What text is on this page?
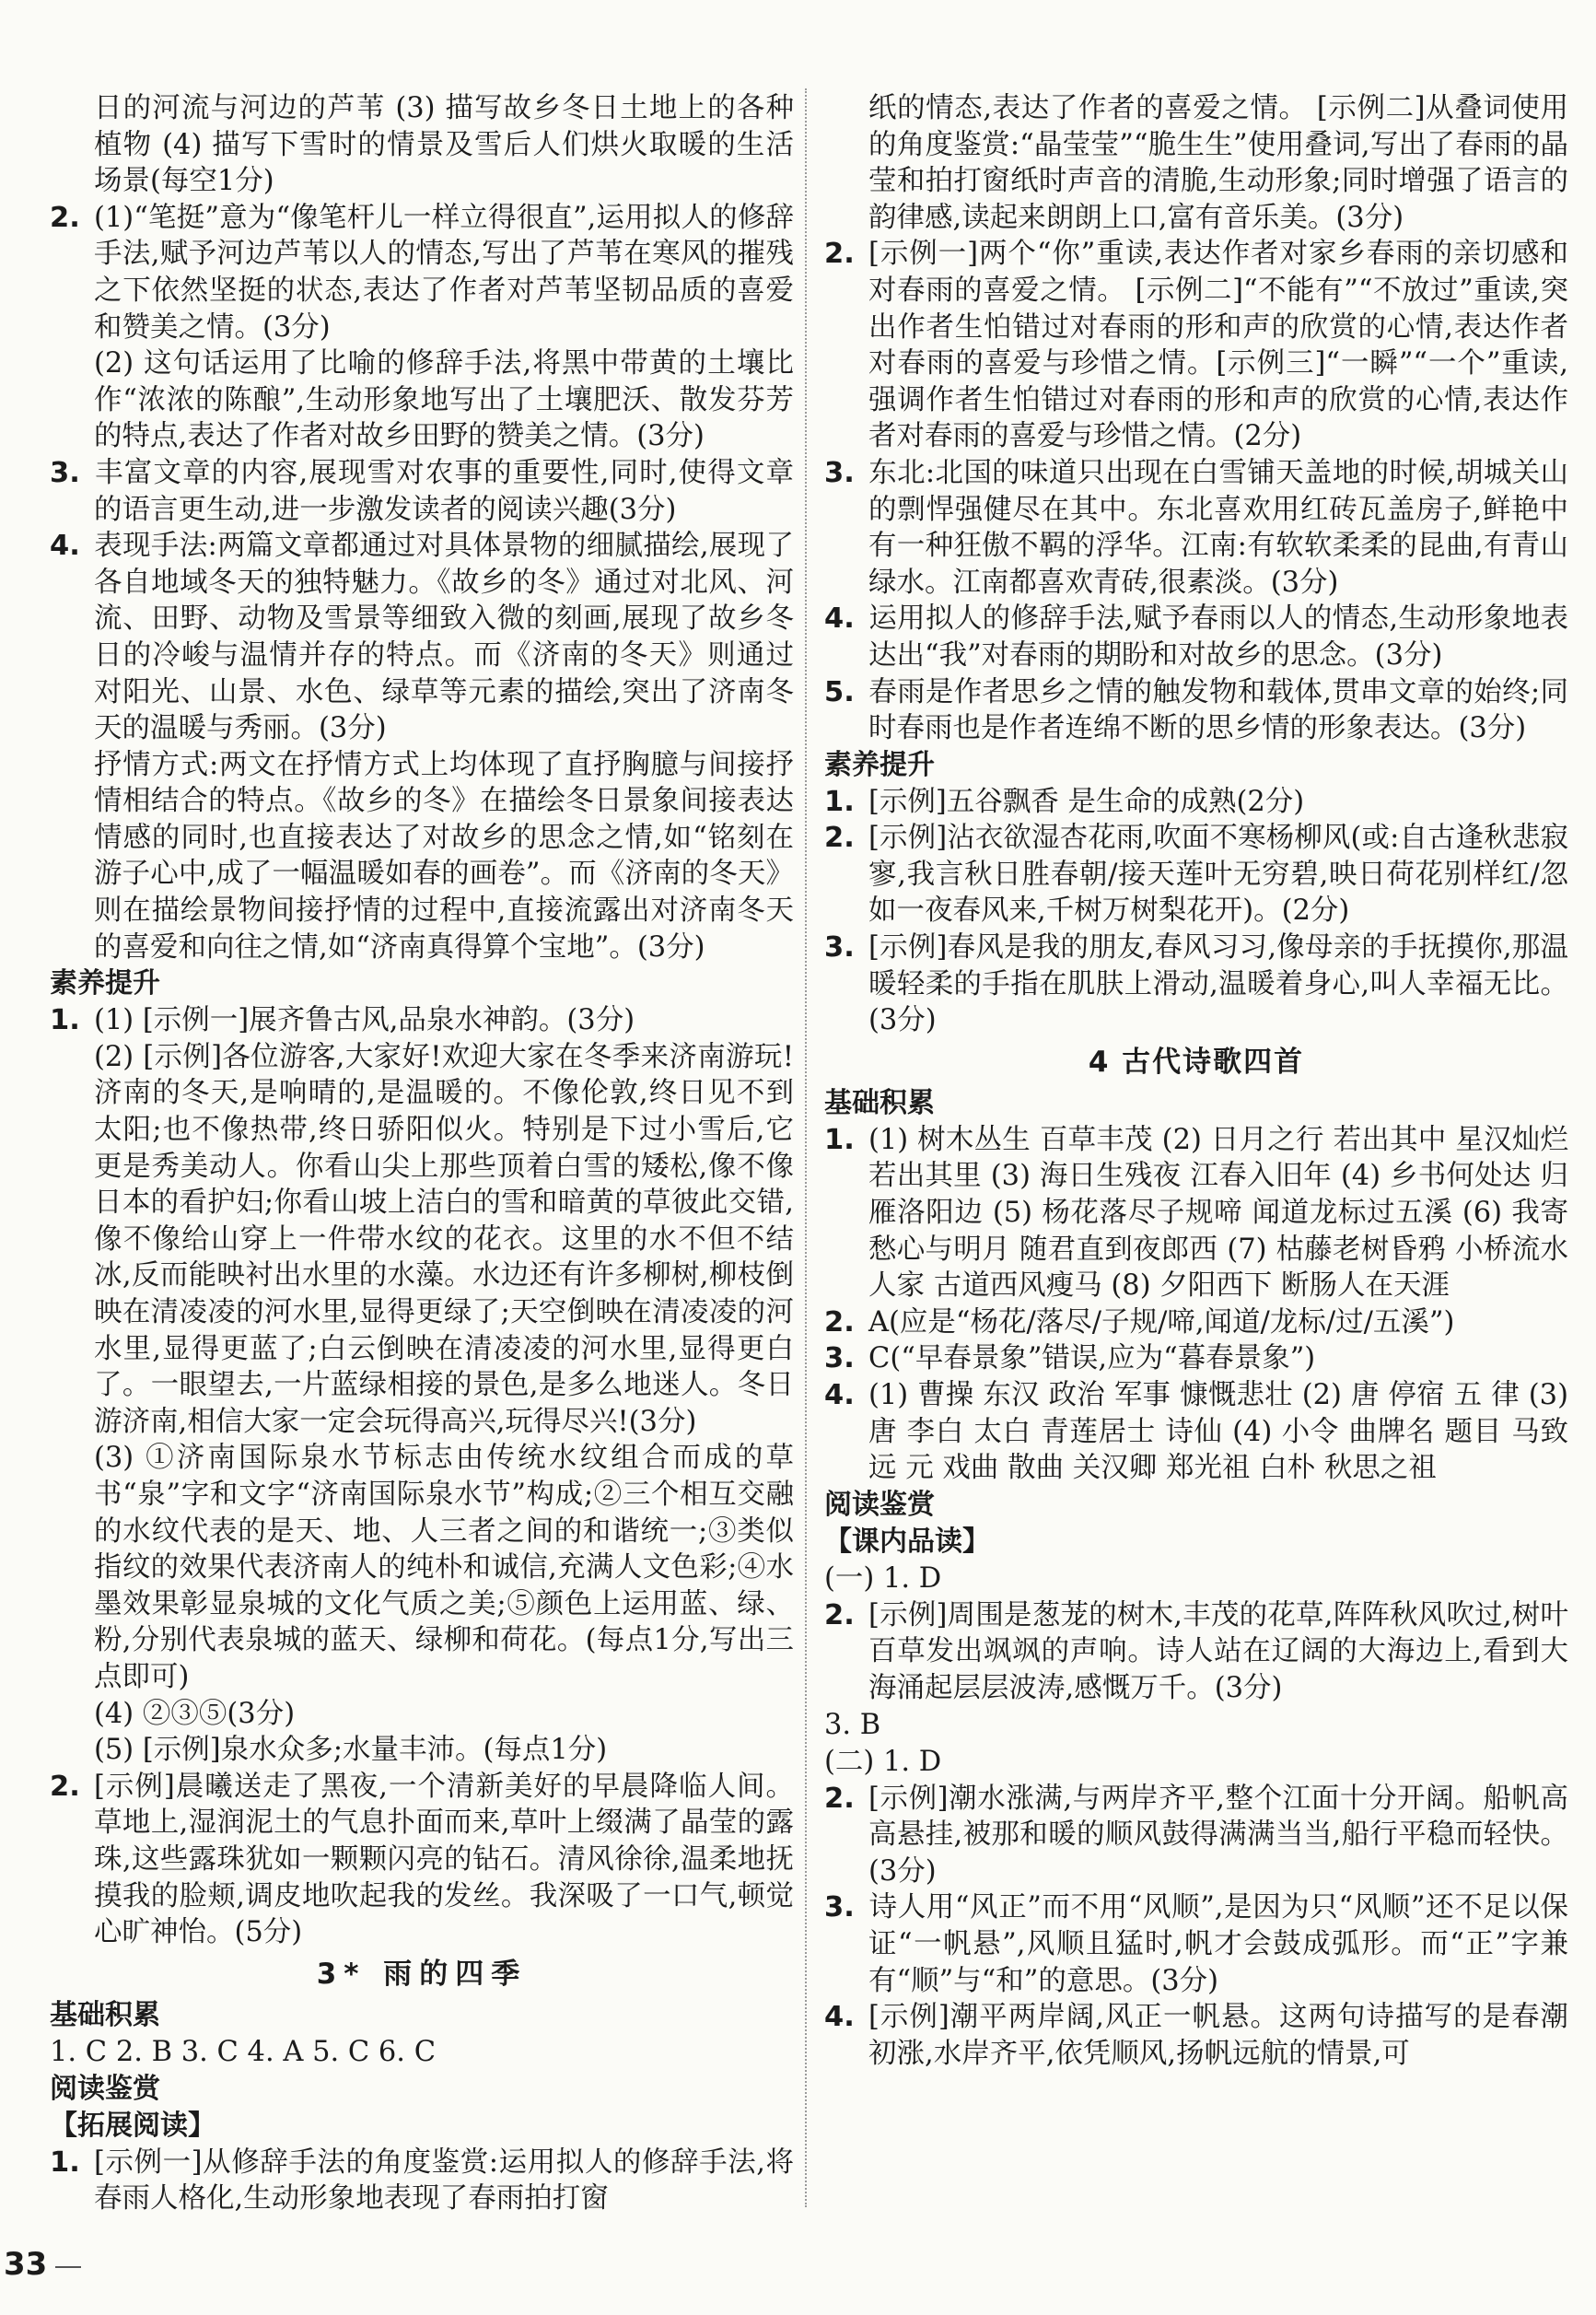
日的河流与河边的芦苇 (3) 描写故乡冬日土地上的各种植物 (4) 描写下雪时的情景及雪后人们烘火取暖的生活场景(每空1分)

2. (1)“笔挺”意为“像笔杆儿一样立得很直”,运用拟人的修辞手法,赋予河边芦苇以人的情态,写出了芦苇在寒风的摧残之下依然坚挺的状态,表达了作者对芦苇坚韧品质的喜爱和赞美之情。(3分)

(2) 这句话运用了比喻的修辞手法,将黑中带黄的土壤比作“浓浓的陈酿”,生动形象地写出了土壤肥沃、散发芬芳的特点,表达了作者对故乡田野的赞美之情。(3分)

3. 丰富文章的内容,展现雪对农事的重要性,同时,使得文章的语言更生动,进一步激发读者的阅读兴趣(3分)

4. 表现手法:两篇文章都通过对具体景物的细腻描绘,展现了各自地域冬天的独特魅力。《故乡的冬》通过对北风、河流、田野、动物及雪景等细致入微的刻画,展现了故乡冬日的冷峻与温情并存的特点。而《济南的冬天》则通过对阳光、山景、水色、绿草等元素的描绘,突出了济南冬天的温暖与秀丽。(3分)

抒情方式:两文在抒情方式上均体现了直抒胸臆与间接抒情相结合的特点。《故乡的冬》在描绘冬日景象间接表达情感的同时,也直接表达了对故乡的思念之情,如“铭刻在游子心中,成了一幅温暖如春的画卷”。而《济南的冬天》则在描绘景物间接抒情的过程中,直接流露出对济南冬天的喜爱和向往之情,如“济南真得算个宝地”。(3分)

素养提升

1. (1) [示例一]展齐鲁古风,品泉水神韵。(3分)

(2) [示例]各位游客,大家好!欢迎大家在冬季来济南游玩!济南的冬天,是响晴的,是温暖的。不像伦敦,终日见不到太阳;也不像热带,终日骄阳似火。特别是下过小雪后,它更是秀美动人。你看山尖上那些顶着白雪的矮松,像不像日本的看护妇;你看山坡上洁白的雪和暗黄的草彼此交错,像不像给山穿上一件带水纹的花衣。这里的水不但不结冰,反而能映衬出水里的水藻。水边还有许多柳树,柳枝倒映在清凌凌的河水里,显得更绿了;天空倒映在清凌凌的河水里,显得更蓝了;白云倒映在清凌凌的河水里,显得更白了。一眼望去,一片蓝绿相接的景色,是多么地迷人。冬日游济南,相信大家一定会玩得高兴,玩得尽兴!(3分)

(3) ①济南国际泉水节标志由传统水纹组合而成的草书“泉”字和文字“济南国际泉水节”构成;②三个相互交融的水纹代表的是天、地、人三者之间的和谐统一;③类似指纹的效果代表济南人的纯朴和诚信,充满人文色彩;④水墨效果彰显泉城的文化气质之美;⑤颜色上运用蓝、绿、粉,分别代表泉城的蓝天、绿柳和荷花。(每点1分,写出三点即可)

(4) ②③⑤(3分)

(5) [示例]泉水众多;水量丰沛。(每点1分)

2. [示例]晨曦送走了黑夜,一个清新美好的早晨降临人间。草地上,湿润泥土的气息扑面而来,草叶上缀满了晶莹的露珠,这些露珠犹如一颗颗闪亮的钻石。清风徐徐,温柔地抚摸我的脸颊,调皮地吹起我的发丝。我深吸了一口气,顿觉心旷神怡。(5分)

3* 雨的四季

基础积累

1. C 2. B 3. C 4. A 5. C 6. C

阅读鉴赏

【拓展阅读】

1. [示例一]从修辞手法的角度鉴赏:运用拟人的修辞手法,将春雨人格化,生动形象地表现了春雨拍打窗

纸的情态,表达了作者的喜爱之情。 [示例二]从叠词使用的角度鉴赏:“晶莹莹”“脆生生”使用叠词,写出了春雨的晶莹和拍打窗纸时声音的清脆,生动形象;同时增强了语言的韵律感,读起来朗朗上口,富有音乐美。(3分)

2. [示例一]两个“你”重读,表达作者对家乡春雨的亲切感和对春雨的喜爱之情。 [示例二]“不能有”“不放过”重读,突出作者生怕错过对春雨的形和声的欣赏的心情,表达作者对春雨的喜爱与珍惜之情。[示例三]“一瞬”“一个”重读,强调作者生怕错过对春雨的形和声的欣赏的心情,表达作者对春雨的喜爱与珍惜之情。(2分)

3. 东北:北国的味道只出现在白雪铺天盖地的时候,胡城关山的剽悍强健尽在其中。东北喜欢用红砖瓦盖房子,鲜艳中有一种狂傲不羁的浮华。江南:有软软柔柔的昆曲,有青山绿水。江南都喜欢青砖,很素淡。(3分)

4. 运用拟人的修辞手法,赋予春雨以人的情态,生动形象地表达出“我”对春雨的期盼和对故乡的思念。(3分)

5. 春雨是作者思乡之情的触发物和载体,贯串文章的始终;同时春雨也是作者连绵不断的思乡情的形象表达。(3分)

素养提升

1. [示例]五谷飘香 是生命的成熟(2分)

2. [示例]沾衣欲湿杏花雨,吹面不寒杨柳风(或:自古逢秋悲寂寥,我言秋日胜春朝/接天莲叶无穷碧,映日荷花别样红/忽如一夜春风来,千树万树梨花开)。(2分)

3. [示例]春风是我的朋友,春风习习,像母亲的手抚摸你,那温暖轻柔的手指在肌肤上滑动,温暖着身心,叫人幸福无比。(3分)

4 古代诗歌四首

基础积累

1. (1) 树木丛生 百草丰茂 (2) 日月之行 若出其中 星汉灿烂 若出其里 (3) 海日生残夜 江春入旧年 (4) 乡书何处达 归雁洛阳边 (5) 杨花落尽子规啼 闻道龙标过五溪 (6) 我寄愁心与明月 随君直到夜郎西 (7) 枯藤老树昏鸦 小桥流水人家 古道西风瘦马 (8) 夕阳西下 断肠人在天涯

2. A(应是“杨花/落尽/子规/啼,闻道/龙标/过/五溪”)

3. C(“早春景象”错误,应为“暮春景象”)

4. (1) 曹操 东汉 政治 军事 慷慨悲壮 (2) 唐 停宿 五 律 (3) 唐 李白 太白 青莲居士 诗仙 (4) 小令 曲牌名 题目 马致远 元 戏曲 散曲 关汉卿 郑光祖 白朴 秋思之祖

阅读鉴赏

【课内品读】

(一) 1. D

2. [示例]周围是葱茏的树木,丰茂的花草,阵阵秋风吹过,树叶百草发出飒飒的声响。诗人站在辽阔的大海边上,看到大海涌起层层波涛,感慨万千。(3分)

3. B

(二) 1. D

2. [示例]潮水涨满,与两岸齐平,整个江面十分开阔。船帆高高悬挂,被那和暖的顺风鼓得满满当当,船行平稳而轻快。(3分)

3. 诗人用“风正”而不用“风顺”,是因为只“风顺”还不足以保证“一帆悬”,风顺且猛时,帆才会鼓成弧形。而“正”字兼有“顺”与“和”的意思。(3分)

4. [示例]潮平两岸阔,风正一帆悬。这两句诗描写的是春潮初涨,水岸齐平,依凭顺风,扬帆远航的情景,可

33
